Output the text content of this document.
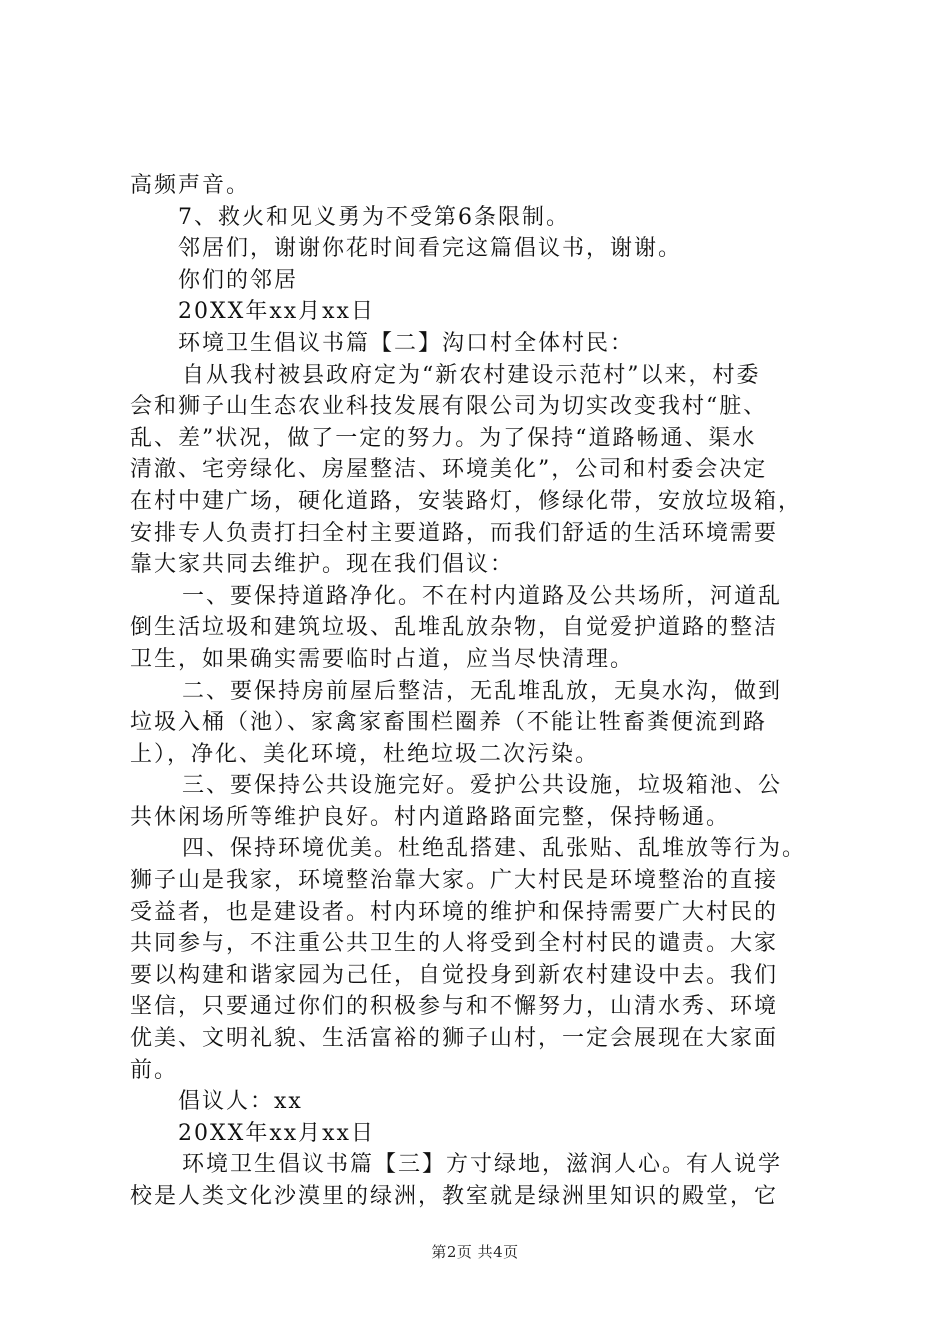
高频声音。
7、救火和见义勇为不受第6条限制。
邻居们，谢谢你花时间看完这篇倡议书，谢谢。
你们的邻居
20XX年xx月xx日
环境卫生倡议书篇【二】沟口村全体村民：
自从我村被县政府定为“新农村建设示范村”以来，村委
会和狮子山生态农业科技发展有限公司为切实改变我村“脏、
乱、差”状况，做了一定的努力。为了保持“道路畅通、渠水
清澈、宅旁绿化、房屋整洁、环境美化”，公司和村委会决定
在村中建广场，硬化道路，安装路灯，修绿化带，安放垃圾箱，
安排专人负责打扫全村主要道路，而我们舒适的生活环境需要
靠大家共同去维护。现在我们倡议：
一、要保持道路净化。不在村内道路及公共场所，河道乱
倒生活垃圾和建筑垃圾、乱堆乱放杂物，自觉爱护道路的整洁
卫生，如果确实需要临时占道，应当尽快清理。
二、要保持房前屋后整洁，无乱堆乱放，无臭水沟，做到
垃圾入桶（池）、家禽家畜围栏圈养（不能让牲畜粪便流到路
上），净化、美化环境，杜绝垃圾二次污染。
三、要保持公共设施完好。爱护公共设施，垃圾箱池、公
共休闲场所等维护良好。村内道路路面完整，保持畅通。
四、保持环境优美。杜绝乱搭建、乱张贴、乱堆放等行为。
狮子山是我家，环境整治靠大家。广大村民是环境整治的直接
受益者，也是建设者。村内环境的维护和保持需要广大村民的
共同参与，不注重公共卫生的人将受到全村村民的谴责。大家
要以构建和谐家园为己任，自觉投身到新农村建设中去。我们
坚信，只要通过你们的积极参与和不懈努力，山清水秀、环境
优美、文明礼貌、生活富裕的狮子山村，一定会展现在大家面
前。
倡议人：xx
20XX年xx月xx日
环境卫生倡议书篇【三】方寸绿地，滋润人心。有人说学
校是人类文化沙漠里的绿洲，教室就是绿洲里知识的殿堂，它
第2页 共4页
